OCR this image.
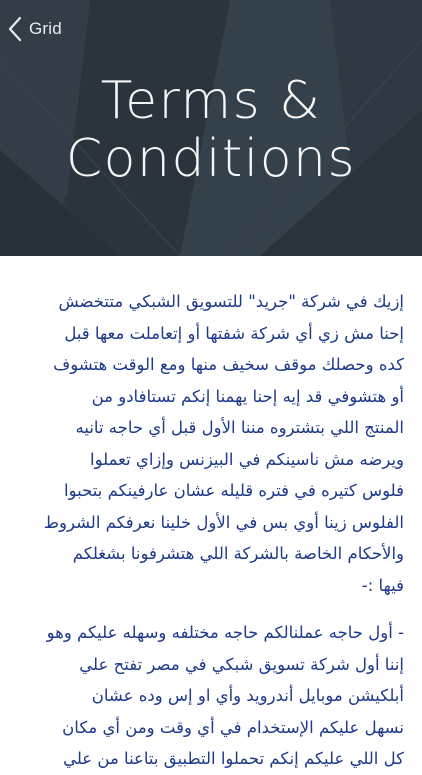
Grid
Terms &
Conditions

إزيك في شركة "جريد" للتسويق الشبكي متتخضش
إحنا مش زي أي شركة شفتها أو إتعاملت معها قبل
كده وحصلك موقف سخيف منها ومع الوقت هتشوف
أو هتشوفي قد إيه إحنا يهمنا إنكم تستافادو من
المنتج اللي بتشتروه مننا الأول قبل أي حاجه تانيه
ويرضه مش ناسينكم في البيزنس وإزاي تعملوا
فلوس كتيره في فتره قليله عشان عارفينكم بتحبوا
الفلوس زينا أوي بس في الأول خلينا نعرفكم الشروط
والأحكام الخاصة بالشركة اللي هتشرفونا بشغلكم
فيها :-

- أول حاجه عملنالكم حاجه مختلفه وسهله عليكم وهو
إننا أول شركة تسويق شبكي في مصر تفتح علي
أبلكيشن موبايل أندرويد وأي او إس وده عشان
نسهل عليكم الإستخدام في أي وقت ومن أي مكان
كل اللي عليكم إنكم تحملوا التطبيق بتاعنا من علي
